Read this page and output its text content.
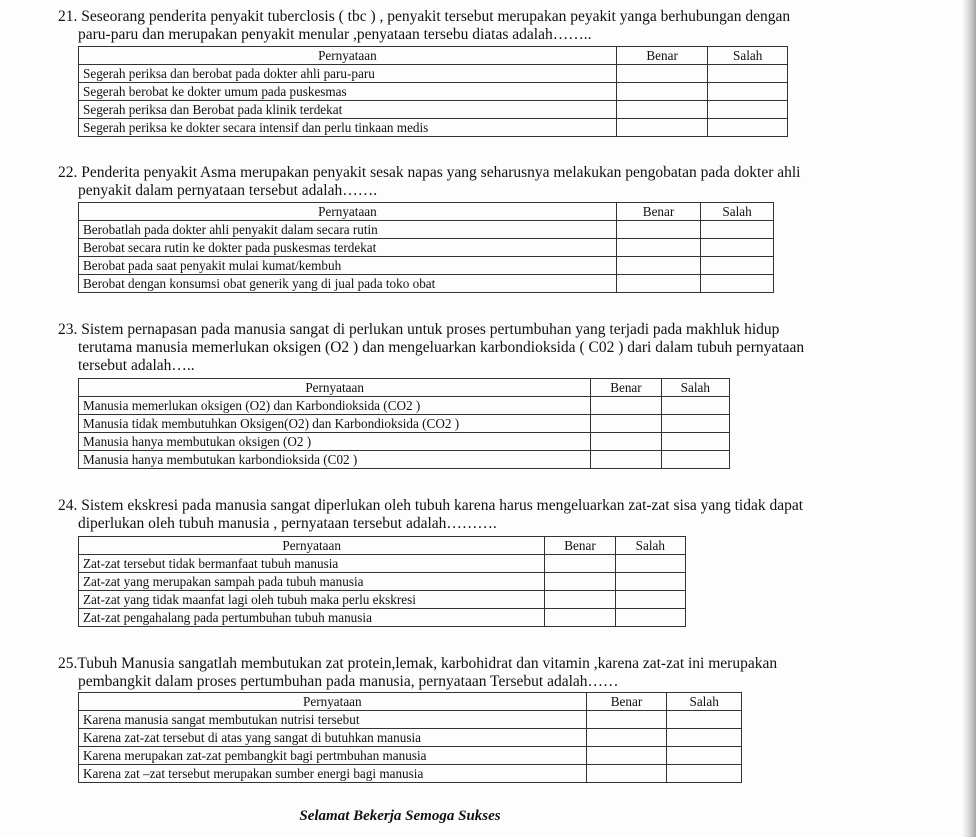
21. Seseorang penderita penyakit tuberclosis ( tbc ) , penyakit tersebut merupakan peyakit yanga berhubungan dengan
paru-paru dan merupakan penyakit menular ,penyataan tersebu diatas adalah……..
Pernyataan	Benar	Salah
Segerah periksa dan berobat pada dokter ahli paru-paru		
Segerah berobat ke dokter umum pada puskesmas		
Segerah periksa dan Berobat pada klinik terdekat		
Segerah periksa ke dokter secara intensif dan perlu tinkaan medis		
22. Penderita penyakit Asma merupakan penyakit sesak napas yang seharusnya melakukan pengobatan pada dokter ahli
penyakit dalam pernyataan tersebut adalah…….
Pernyataan	Benar	Salah
Berobatlah pada dokter ahli penyakit dalam secara rutin		
Berobat secara rutin ke dokter pada puskesmas terdekat		
Berobat pada saat penyakit mulai kumat/kembuh		
Berobat dengan konsumsi obat generik yang di jual pada toko obat		
23. Sistem pernapasan pada manusia sangat di perlukan untuk proses pertumbuhan yang terjadi pada makhluk hidup
terutama manusia memerlukan oksigen (O2 ) dan mengeluarkan karbondioksida ( C02 ) dari dalam tubuh pernyataan
tersebut adalah…..
Pernyataan	Benar	Salah
Manusia memerlukan oksigen (O2) dan Karbondioksida (CO2 )		
Manusia tidak membutuhkan Oksigen(O2) dan Karbondioksida (CO2 )		
Manusia hanya membutukan oksigen (O2 )		
Manusia hanya membutukan karbondioksida (C02 )		
24. Sistem ekskresi pada manusia sangat diperlukan oleh tubuh karena harus mengeluarkan zat-zat sisa yang tidak dapat
diperlukan oleh tubuh manusia , pernyataan tersebut adalah……….
Pernyataan	Benar	Salah
Zat-zat tersebut tidak bermanfaat tubuh manusia		
Zat-zat yang merupakan sampah pada tubuh manusia		
Zat-zat yang tidak maanfat lagi oleh tubuh maka perlu ekskresi		
Zat-zat pengahalang pada pertumbuhan tubuh manusia		
25.Tubuh Manusia sangatlah membutukan zat protein,lemak, karbohidrat dan vitamin ,karena zat-zat ini merupakan
pembangkit dalam proses pertumbuhan pada manusia, pernyataan Tersebut adalah……
Pernyataan	Benar	Salah
Karena manusia sangat membutukan nutrisi tersebut		
Karena zat-zat tersebut di atas yang sangat di butuhkan manusia		
Karena merupakan zat-zat pembangkit bagi pertmbuhan manusia		
Karena zat –zat tersebut merupakan sumber energi bagi manusia		
Selamat Bekerja Semoga Sukses
